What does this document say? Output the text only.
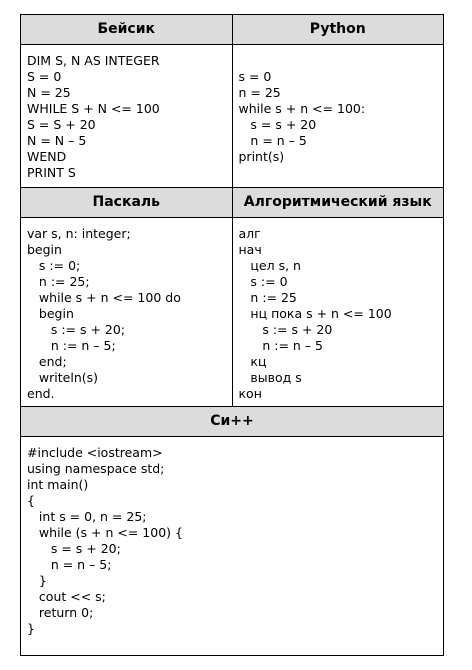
Бейсик	Python
DIM S, N AS INTEGER
S = 0
N = 25
WHILE S + N <= 100
S = S + 20
N = N – 5
WEND
PRINT S

s = 0
n = 25
while s + n <= 100:
s = s + 20
n = n – 5
print(s)
Паскаль	Алгоритмический язык
var s, n: integer;
begin
s := 0;
n := 25;
while s + n <= 100 do
begin
s := s + 20;
n := n – 5;
end;
writeln(s)
end.
алг
нач
цел s, n
s := 0
n := 25
нц пока s + n <= 100
s := s + 20
n := n – 5
кц
вывод s
кон
Си++
#include <iostream>
using namespace std;
int main()
{
int s = 0, n = 25;
while (s + n <= 100) {
s = s + 20;
n = n – 5;
}
cout << s;
return 0;
}
